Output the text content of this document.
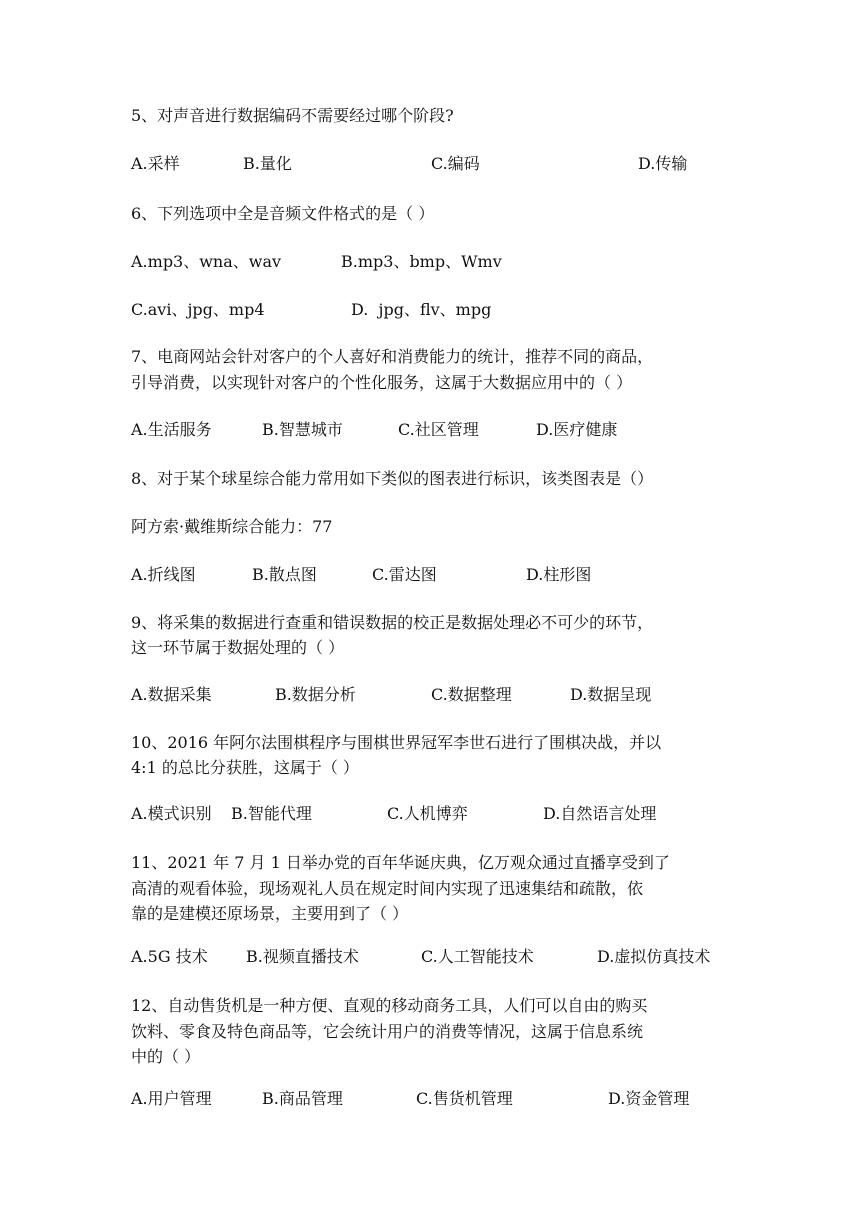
5、对声音进行数据编码不需要经过哪个阶段?
A.采样	B.量化	C.编码	D.传输
6、下列选项中全是音频文件格式的是（ ）
A.mp3、wna、wav	B.mp3、bmp、Wmv
C.avi、jpg、mp4	D.  jpg、flv、mpg
7、电商网站会针对客户的个人喜好和消费能力的统计，推荐不同的商品，
引导消费，以实现针对客户的个性化服务，这属于大数据应用中的（ ）
A.生活服务	B.智慧城市	C.社区管理	D.医疗健康
8、对于某个球星综合能力常用如下类似的图表进行标识，该类图表是（）
阿方索·戴维斯综合能力：77
A.折线图	B.散点图	C.雷达图	D.柱形图
9、将采集的数据进行查重和错误数据的校正是数据处理必不可少的环节，
这一环节属于数据处理的（ ）
A.数据采集	B.数据分析	C.数据整理	D.数据呈现
10、2016 年阿尔法围棋程序与围棋世界冠军李世石进行了围棋决战，并以
4:1 的总比分获胜，这属于（ ）
A.模式识别 B.智能代理	C.人机博弈	D.自然语言处理
11、2021 年 7 月 1 日举办党的百年华诞庆典，亿万观众通过直播享受到了
高清的观看体验，现场观礼人员在规定时间内实现了迅速集结和疏散，依
靠的是建模还原场景，主要用到了（ ）
A.5G 技术 B.视频直播技术	C.人工智能技术	D.虚拟仿真技术
12、自动售货机是一种方便、直观的移动商务工具，人们可以自由的购买
饮料、零食及特色商品等，它会统计用户的消费等情况，这属于信息系统
中的（ ）
A.用户管理	B.商品管理	C.售货机管理	D.资金管理
